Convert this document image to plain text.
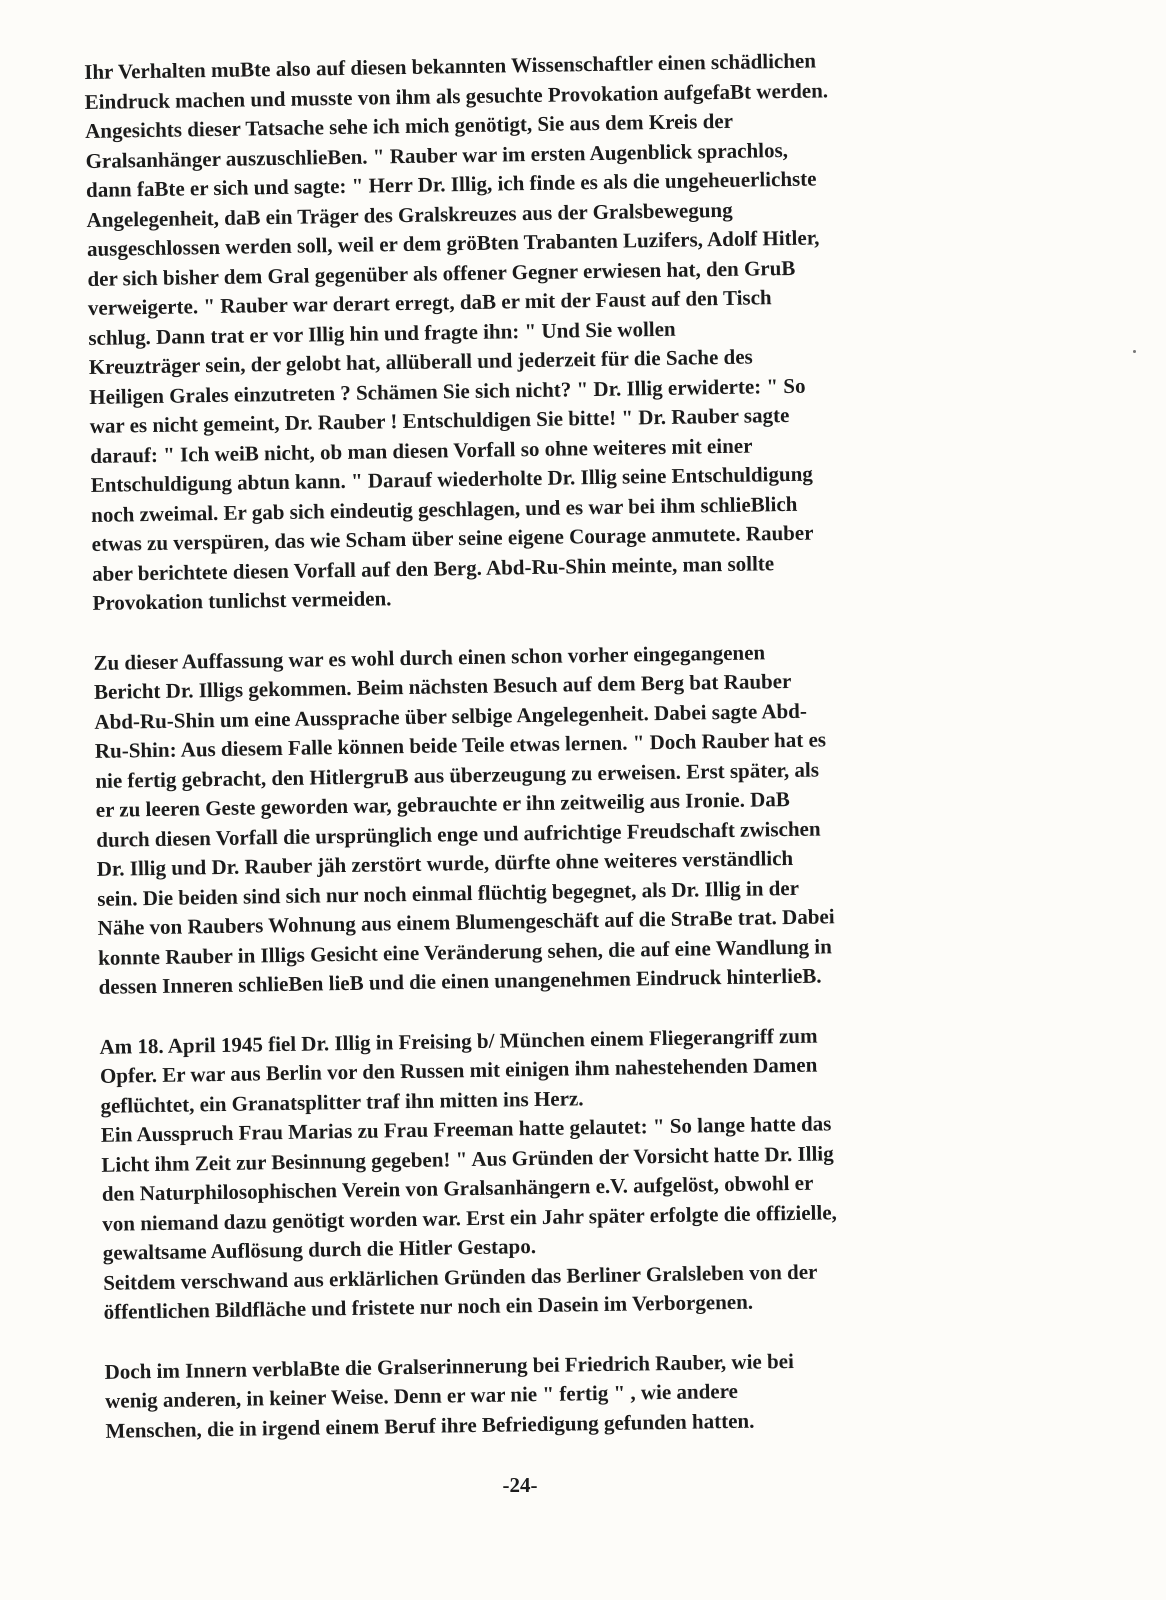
Ihr Verhalten muBte also auf diesen bekannten Wissenschaftler einen schädlichen
Eindruck machen und musste von ihm als gesuchte Provokation aufgefaBt werden.
Angesichts dieser Tatsache sehe ich mich genötigt, Sie aus dem Kreis der
Gralsanhänger auszuschlieBen. " Rauber war im ersten Augenblick sprachlos,
dann faBte er sich und sagte: " Herr Dr. Illig, ich finde es als die ungeheuerlichste
Angelegenheit, daB ein Träger des Gralskreuzes aus der Gralsbewegung
ausgeschlossen werden soll, weil er dem gröBten Trabanten Luzifers, Adolf Hitler,
der sich bisher dem Gral gegenüber als offener Gegner erwiesen hat, den GruB
verweigerte. " Rauber war derart erregt, daB er mit der Faust auf den Tisch
schlug. Dann trat er vor Illig hin und fragte ihn: " Und Sie wollen
Kreuzträger sein, der gelobt hat, allüberall und jederzeit für die Sache des
Heiligen Grales einzutreten ? Schämen Sie sich nicht? " Dr. Illig erwiderte: " So
war es nicht gemeint, Dr. Rauber ! Entschuldigen Sie bitte! " Dr. Rauber sagte
darauf: " Ich weiB nicht, ob man diesen Vorfall so ohne weiteres mit einer
Entschuldigung abtun kann. " Darauf wiederholte Dr. Illig seine Entschuldigung
noch zweimal. Er gab sich eindeutig geschlagen, und es war bei ihm schlieBlich
etwas zu verspüren, das wie Scham über seine eigene Courage anmutete. Rauber
aber berichtete diesen Vorfall auf den Berg. Abd-Ru-Shin meinte, man sollte
Provokation tunlichst vermeiden.
Zu dieser Auffassung war es wohl durch einen schon vorher eingegangenen
Bericht Dr. Illigs gekommen. Beim nächsten Besuch auf dem Berg bat Rauber
Abd-Ru-Shin um eine Aussprache über selbige Angelegenheit. Dabei sagte Abd-
Ru-Shin: Aus diesem Falle können beide Teile etwas lernen. " Doch Rauber hat es
nie fertig gebracht, den HitlergruB aus überzeugung zu erweisen. Erst später, als
er zu leeren Geste geworden war, gebrauchte er ihn zeitweilig aus Ironie. DaB
durch diesen Vorfall die ursprünglich enge und aufrichtige Freudschaft zwischen
Dr. Illig und Dr. Rauber jäh zerstört wurde, dürfte ohne weiteres verständlich
sein. Die beiden sind sich nur noch einmal flüchtig begegnet, als Dr. Illig in der
Nähe von Raubers Wohnung aus einem Blumengeschäft auf die StraBe trat. Dabei
konnte Rauber in Illigs Gesicht eine Veränderung sehen, die auf eine Wandlung in
dessen Inneren schlieBen lieB und die einen unangenehmen Eindruck hinterlieB.
Am 18. April 1945 fiel Dr. Illig in Freising b/ München einem Fliegerangriff zum
Opfer. Er war aus Berlin vor den Russen mit einigen ihm nahestehenden Damen
geflüchtet, ein Granatsplitter traf ihn mitten ins Herz.
Ein Ausspruch Frau Marias zu Frau Freeman hatte gelautet: " So lange hatte das
Licht ihm Zeit zur Besinnung gegeben! " Aus Gründen der Vorsicht hatte Dr. Illig
den Naturphilosophischen Verein von Gralsanhängern e.V. aufgelöst, obwohl er
von niemand dazu genötigt worden war. Erst ein Jahr später erfolgte die offizielle,
gewaltsame Auflösung durch die Hitler Gestapo.
Seitdem verschwand aus erklärlichen Gründen das Berliner Gralsleben von der
öffentlichen Bildfläche und fristete nur noch ein Dasein im Verborgenen.
Doch im Innern verblaBte die Gralserinnerung bei Friedrich Rauber, wie bei
wenig anderen, in keiner Weise. Denn er war nie " fertig " , wie andere
Menschen, die in irgend einem Beruf ihre Befriedigung gefunden hatten.
-24-
